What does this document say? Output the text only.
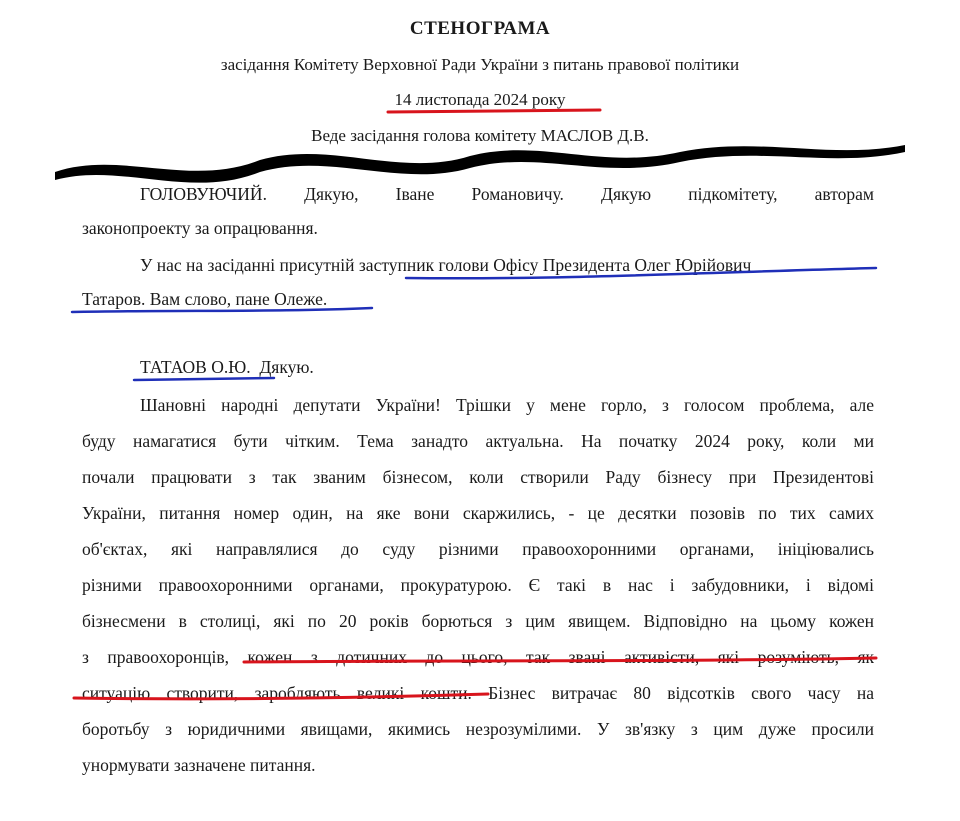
СТЕНОГРАМА
засідання Комітету Верховної Ради України з питань правової політики
14 листопада 2024 року
Веде засідання голова комітету МАСЛОВ Д.В.
ГОЛОВУЮЧИЙ. Дякую, Іване Романовичу. Дякую підкомітету, авторам
законопроекту за опрацювання.
У нас на засіданні присутній заступник голови Офісу Президента Олег Юрійович
Татаров. Вам слово, пане Олеже.
ТАТАОВ О.Ю. Дякую.
Шановні народні депутати України! Трішки у мене горло, з голосом проблема, але
буду намагатися бути чітким. Тема занадто актуальна. На початку 2024 року, коли ми
почали працювати з так званим бізнесом, коли створили Раду бізнесу при Президентові
України, питання номер один, на яке вони скаржились, - це десятки позовів по тих самих
об'єктах, які направлялися до суду різними правоохоронними органами, ініціювались
різними правоохоронними органами, прокуратурою. Є такі в нас і забудовники, і відомі
бізнесмени в столиці, які по 20 років борються з цим явищем. Відповідно на цьому кожен
з правоохоронців, кожен з дотичних до цього, так звані активісти, які розуміють, як
ситуацію створити, заробляють великі кошти. Бізнес витрачає 80 відсотків свого часу на
боротьбу з юридичними явищами, якимись незрозумілими. У зв'язку з цим дуже просили
унормувати зазначене питання.
